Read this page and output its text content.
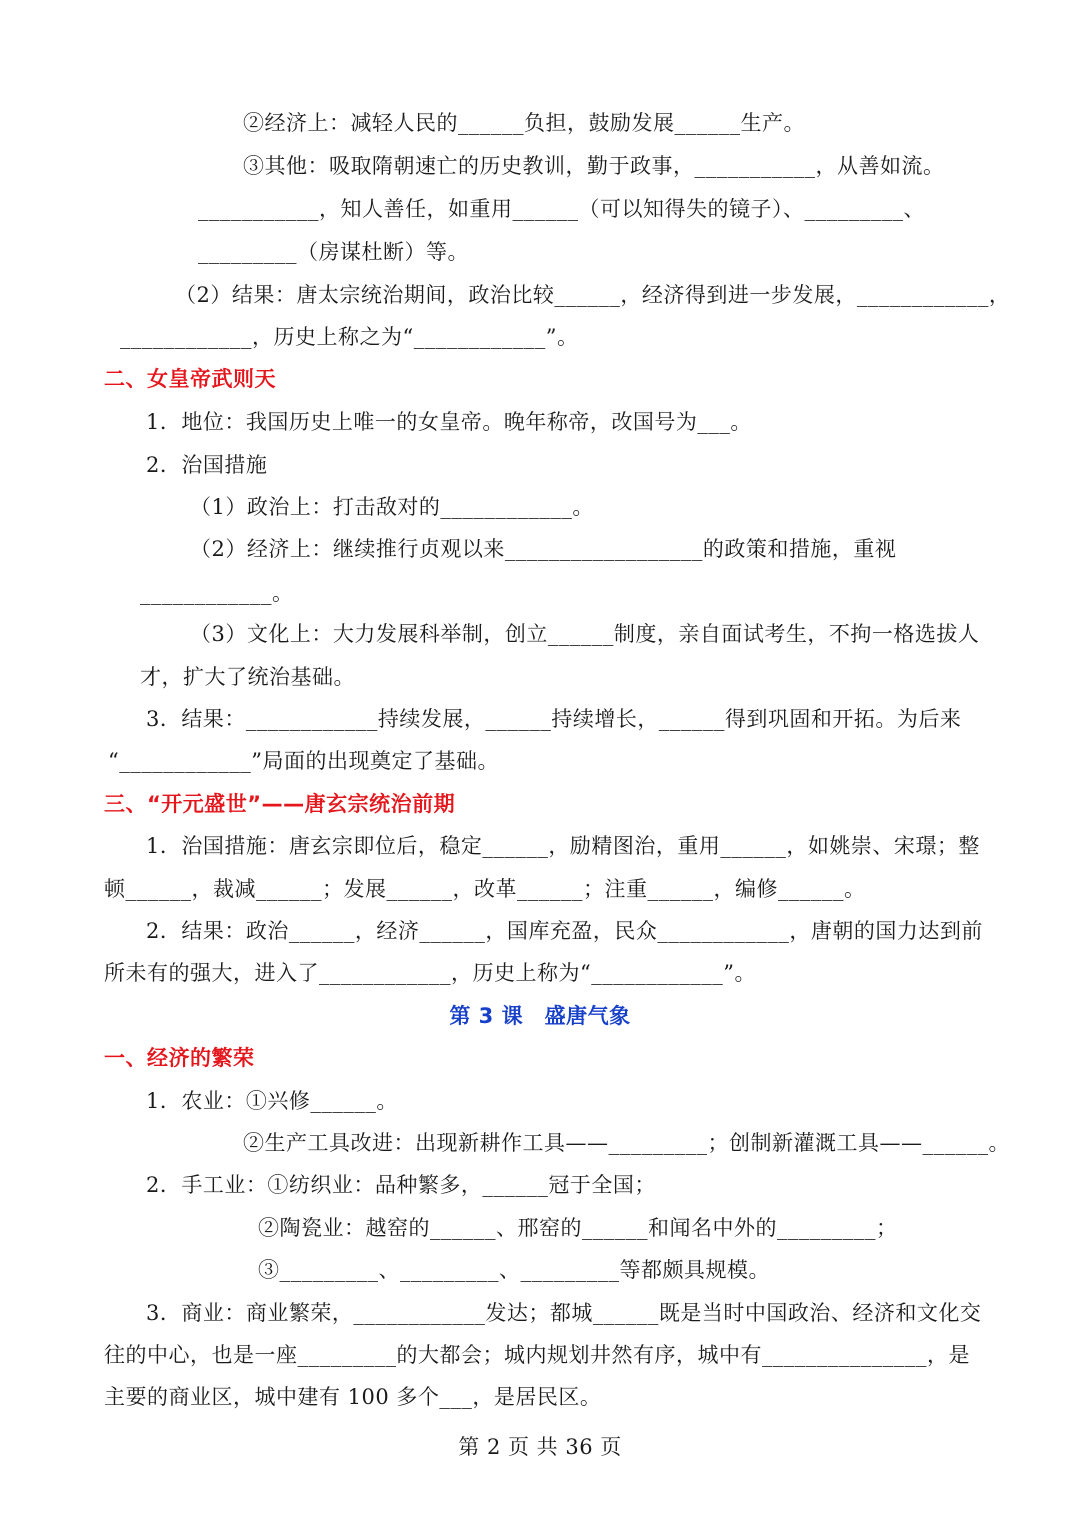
②经济上：减轻人民的______负担，鼓励发展______生产。
③其他：吸取隋朝速亡的历史教训，勤于政事，___________，从善如流。
___________，知人善任，如重用______（可以知得失的镜子）、_________、
_________（房谋杜断）等。
（2）结果：唐太宗统治期间，政治比较______，经济得到进一步发展，____________，
____________，历史上称之为“____________”。
二、女皇帝武则天
1．地位：我国历史上唯一的女皇帝。晚年称帝，改国号为___。
2．治国措施
（1）政治上：打击敌对的____________。
（2）经济上：继续推行贞观以来__________________的政策和措施，重视
____________。
（3）文化上：大力发展科举制，创立______制度，亲自面试考生，不拘一格选拔人
才，扩大了统治基础。
3．结果：____________持续发展，______持续增长，______得到巩固和开拓。为后来
“____________”局面的出现奠定了基础。
三、“开元盛世”——唐玄宗统治前期
1．治国措施：唐玄宗即位后，稳定______，励精图治，重用______，如姚崇、宋璟；整
顿______，裁减______；发展______，改革______；注重______，编修______。
2．结果：政治______，经济______，国库充盈，民众____________，唐朝的国力达到前
所未有的强大，进入了____________，历史上称为“____________”。
第 3 课　盛唐气象
一、经济的繁荣
1．农业：①兴修______。
②生产工具改进：出现新耕作工具——_________；创制新灌溉工具——______。
2．手工业：①纺织业：品种繁多，______冠于全国；
②陶瓷业：越窑的______、邢窑的______和闻名中外的_________；
③_________、_________、_________等都颇具规模。
3．商业：商业繁荣，____________发达；都城______既是当时中国政治、经济和文化交
往的中心，也是一座_________的大都会；城内规划井然有序，城中有_______________，是
主要的商业区，城中建有 100 多个___，是居民区。
第 2 页 共 36 页
